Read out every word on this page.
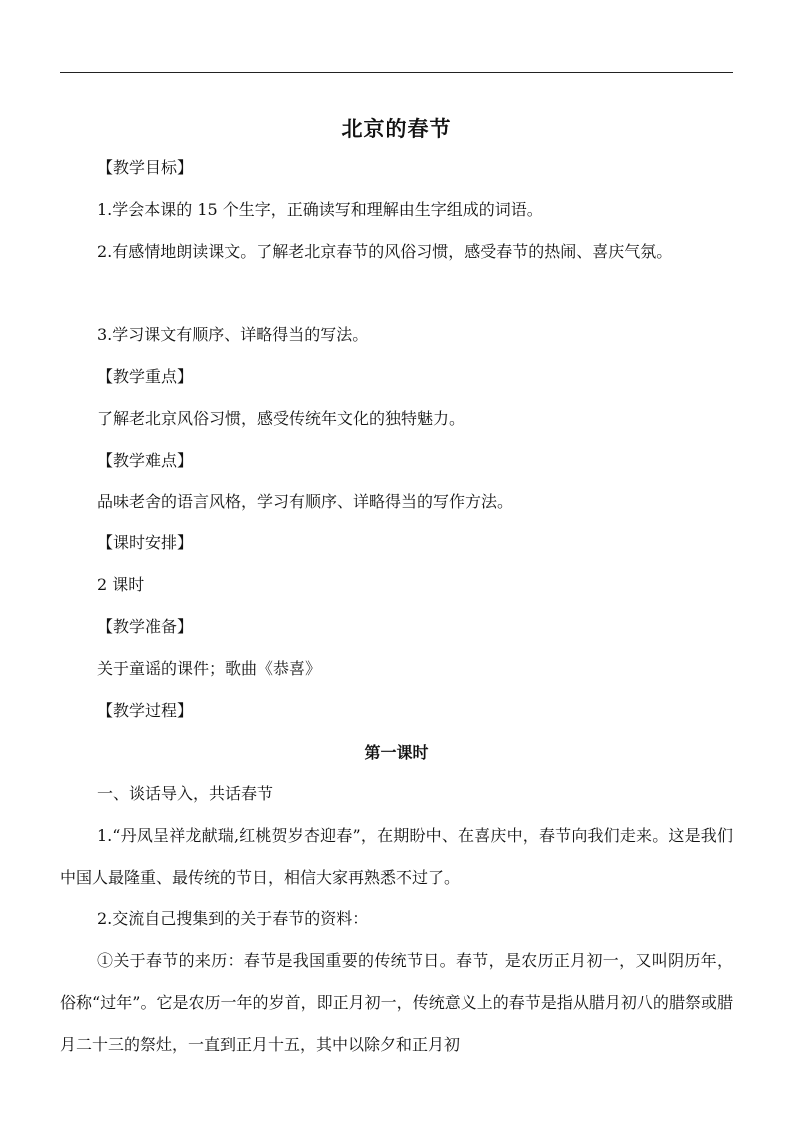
北京的春节
【教学目标】
1.学会本课的 15 个生字，正确读写和理解由生字组成的词语。
2.有感情地朗读课文。了解老北京春节的风俗习惯，感受春节的热闹、喜庆气氛。
3.学习课文有顺序、详略得当的写法。
【教学重点】
了解老北京风俗习惯，感受传统年文化的独特魅力。
【教学难点】
品味老舍的语言风格，学习有顺序、详略得当的写作方法。
【课时安排】
2 课时
【教学准备】
关于童谣的课件；歌曲《恭喜》
【教学过程】
第一课时
一、谈话导入，共话春节
1.“丹凤呈祥龙献瑞,红桃贺岁杏迎春”，在期盼中、在喜庆中，春节向我们走来。这是我们中国人最隆重、最传统的节日，相信大家再熟悉不过了。
2.交流自己搜集到的关于春节的资料：
①关于春节的来历：春节是我国重要的传统节日。春节，是农历正月初一，又叫阴历年，俗称“过年”。它是农历一年的岁首，即正月初一，传统意义上的春节是指从腊月初八的腊祭或腊月二十三的祭灶，一直到正月十五，其中以除夕和正月初
